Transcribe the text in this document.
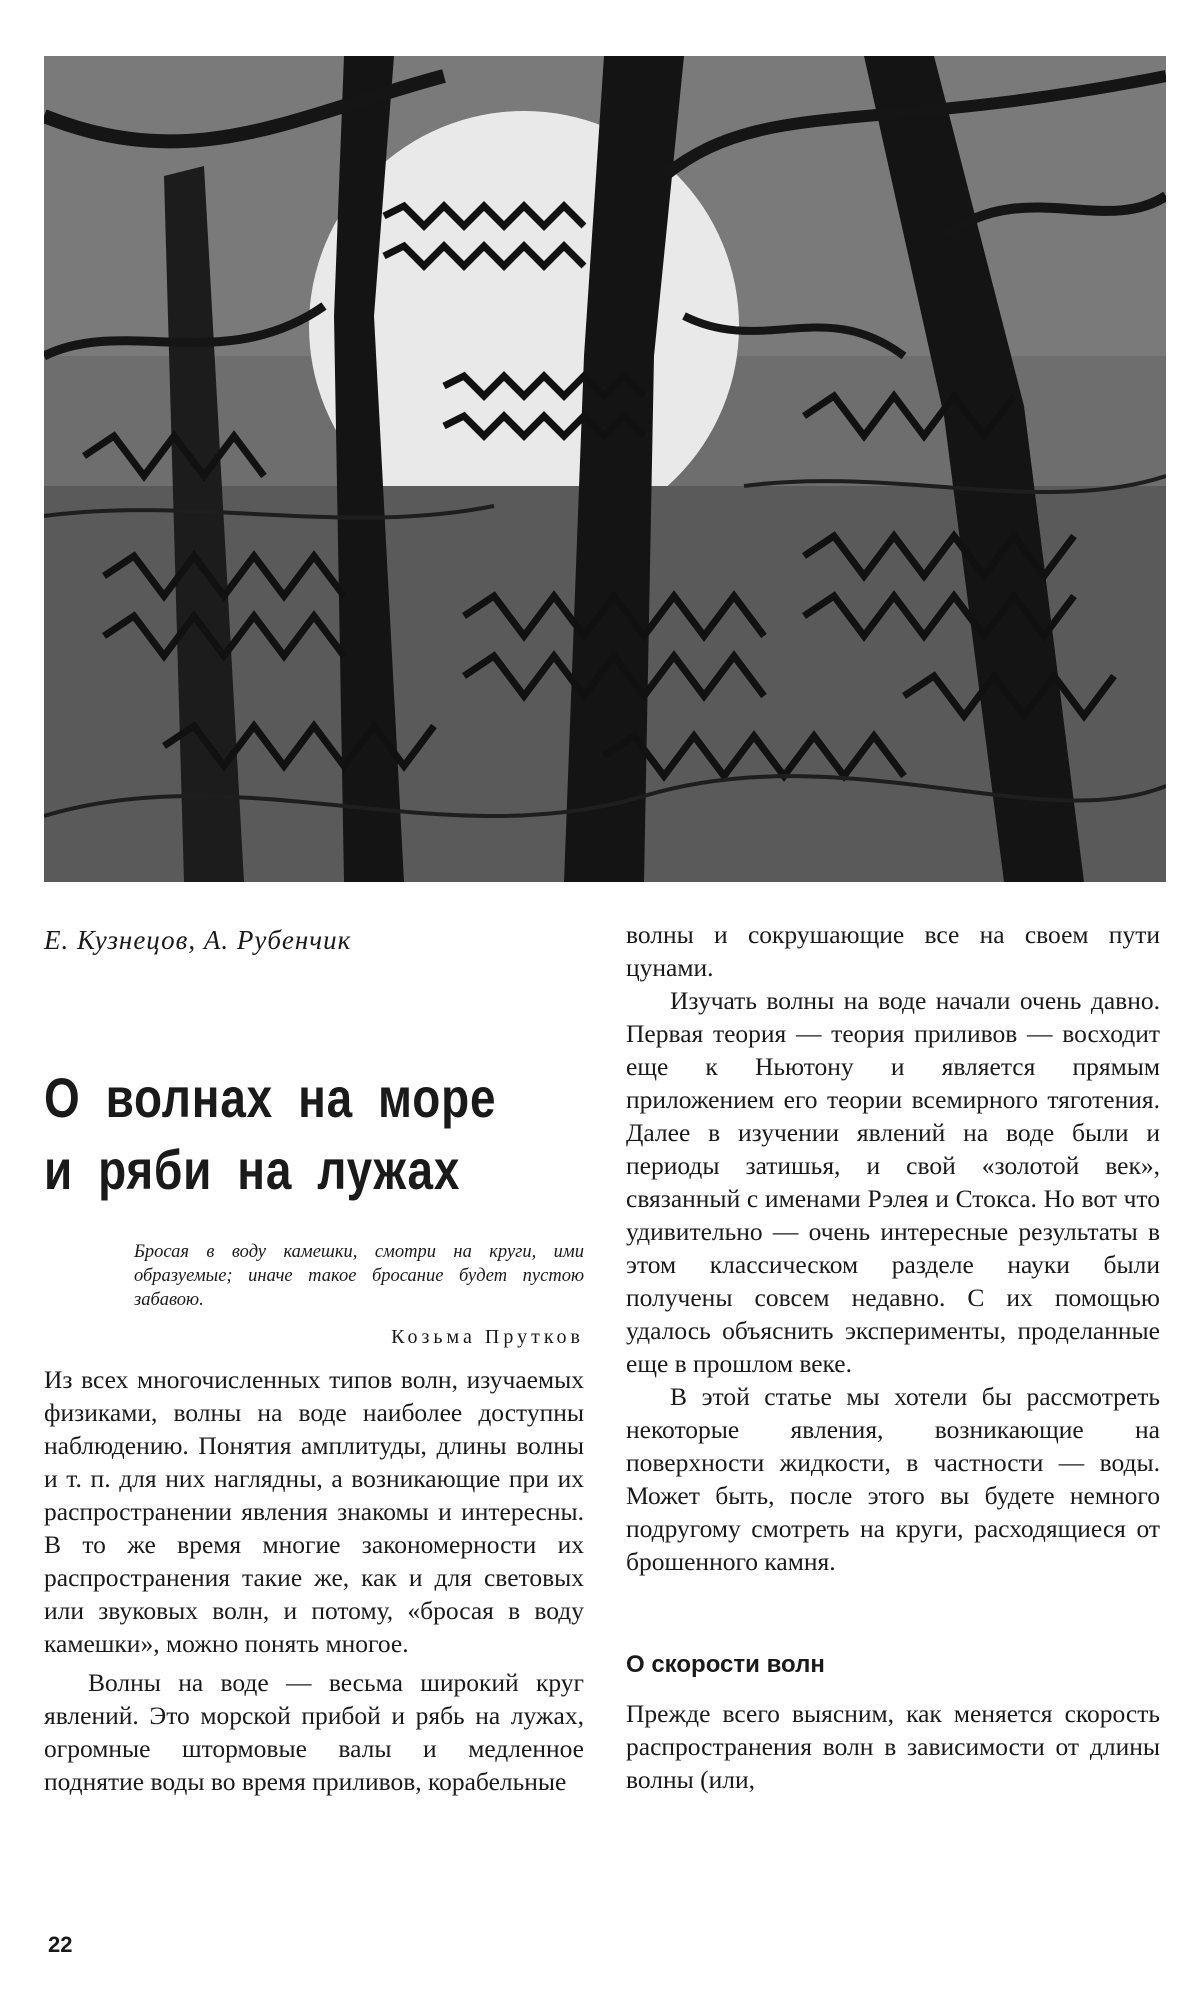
Е. Кузнецов, А. Рубенчик

О волнах на море
и ряби на лужах

Бросая в воду камешки, смотри на круги, ими образуемые; иначе такое бросание будет пустою забавою.

Козьма Прутков

Из всех многочисленных типов волн, изучаемых физиками, волны на воде наиболее доступны наблюдению. Понятия амплитуды, длины волны и т. п. для них наглядны, а возникающие при их распространении явления знакомы и интересны. В то же время многие закономерности их распространения такие же, как и для световых или звуковых волн, и потому, «бросая в воду камешки», можно понять многое.

Волны на воде — весьма широкий круг явлений. Это морской прибой и рябь на лужах, огромные штормовые валы и медленное поднятие воды во время приливов, корабельные

волны и сокрушающие все на своем пути цунами.

Изучать волны на воде начали очень давно. Первая теория — теория приливов — восходит еще к Ньютону и является прямым приложением его теории всемирного тяготения. Далее в изучении явлений на воде были и периоды затишья, и свой «золотой век», связанный с именами Рэлея и Стокса. Но вот что удивительно — очень интересные результаты в этом классическом разделе науки были получены совсем недавно. С их помощью удалось объяснить эксперименты, проделанные еще в прошлом веке.

В этой статье мы хотели бы рассмотреть некоторые явления, возникающие на поверхности жидкости, в частности — воды. Может быть, после этого вы будете немного подругому смотреть на круги, расходящиеся от брошенного камня.

О скорости волн

Прежде всего выясним, как меняется скорость распространения волн в зависимости от длины волны (или,

22
